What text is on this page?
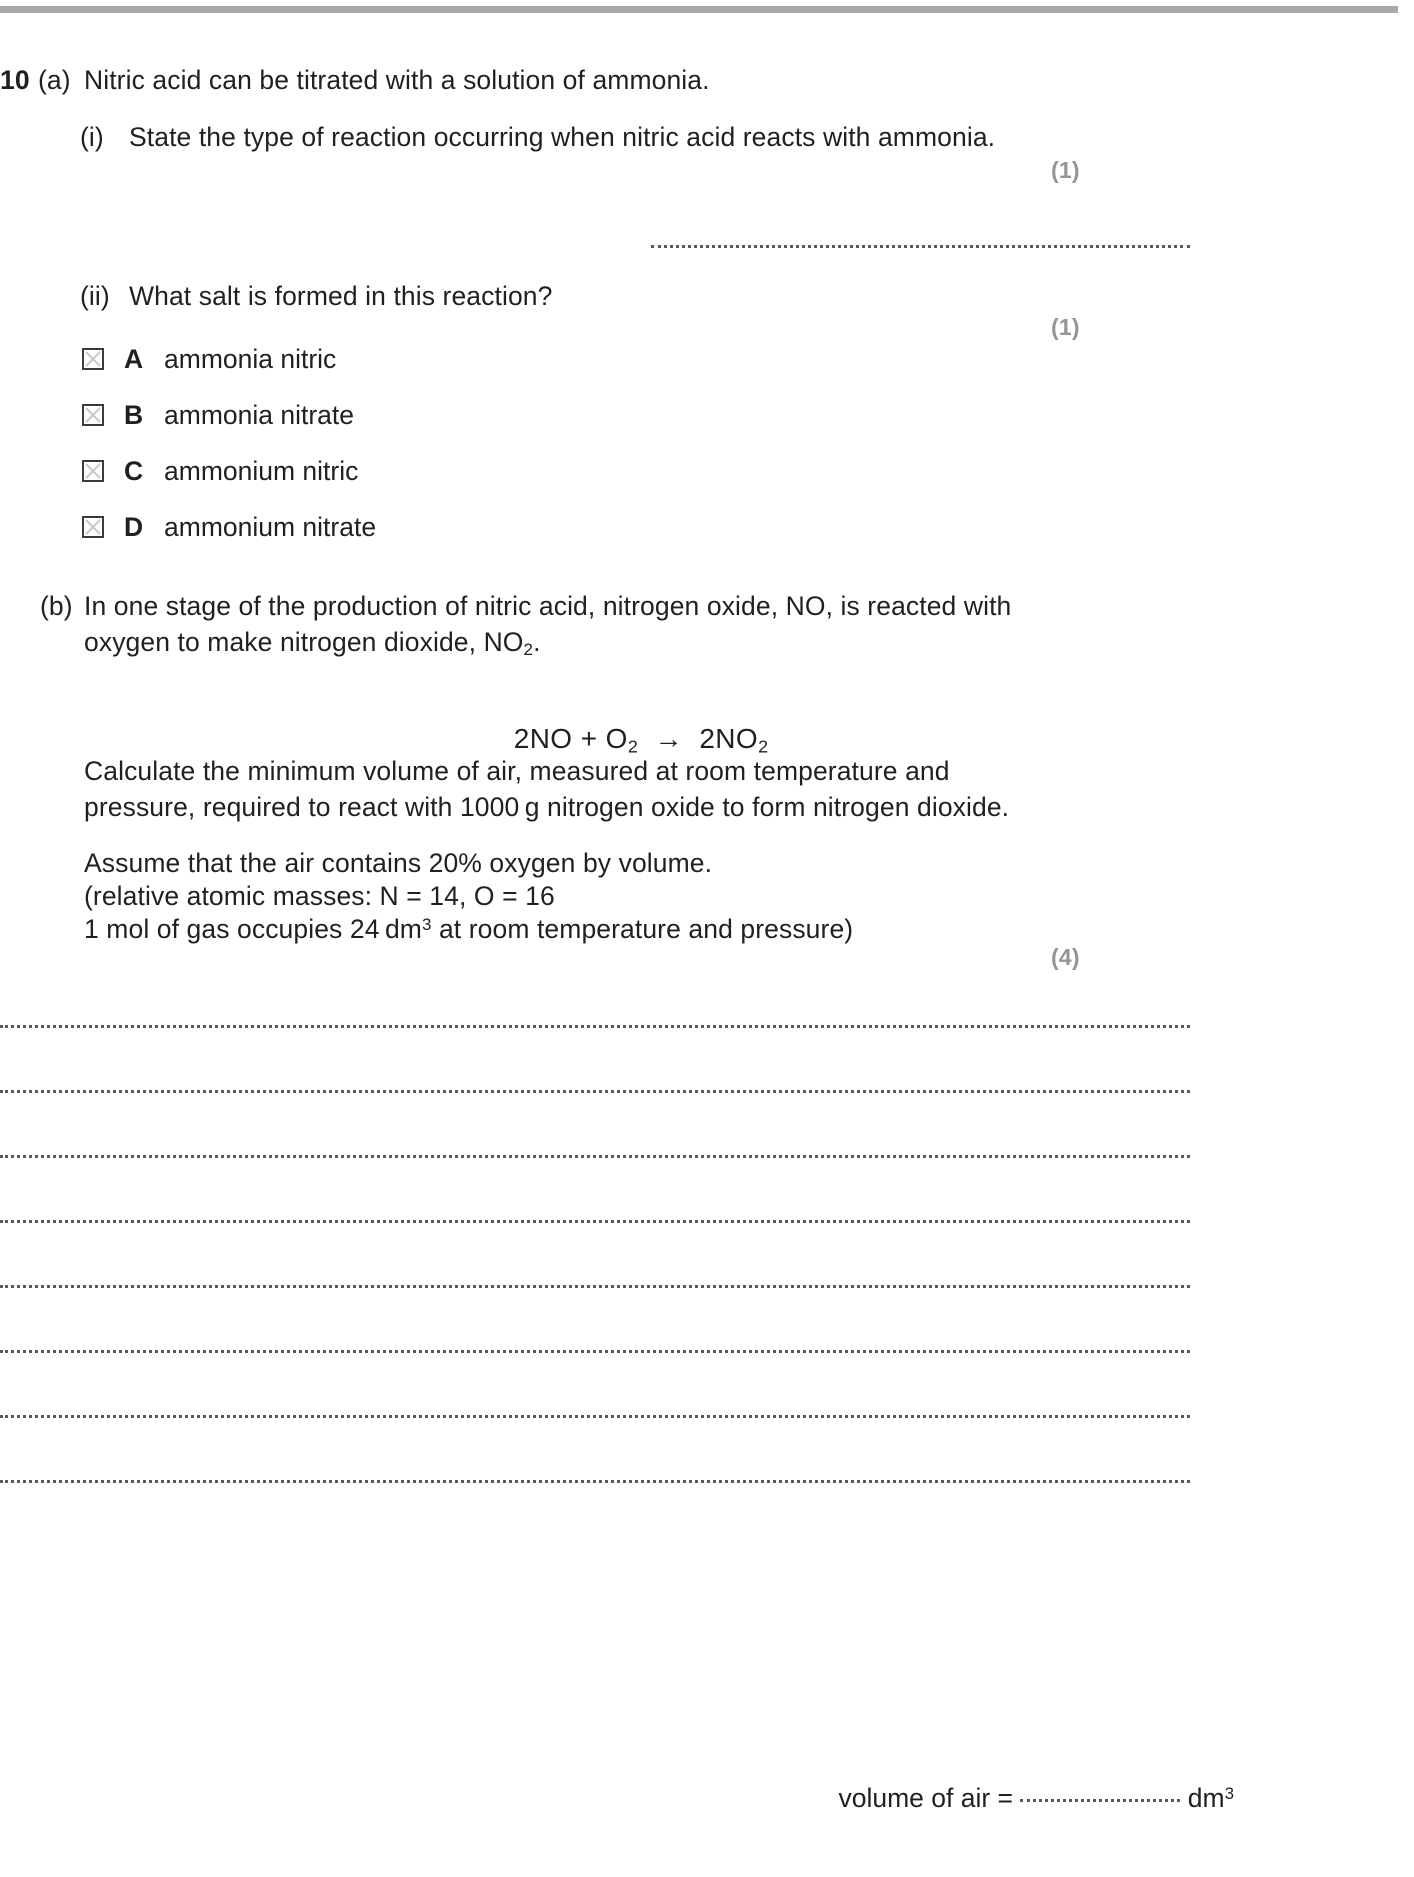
10 (a) Nitric acid can be titrated with a solution of ammonia.
(i) State the type of reaction occurring when nitric acid reacts with ammonia.
(1)
(ii) What salt is formed in this reaction?
(1)
A ammonia nitric
B ammonia nitrate
C ammonium nitric
D ammonium nitrate
(b) In one stage of the production of nitric acid, nitrogen oxide, NO, is reacted with
oxygen to make nitrogen dioxide, $NO_2$.

$2NO + O_2 \to 2NO_2$

Calculate the minimum volume of air, measured at room temperature and
pressure, required to react with 1000 g nitrogen oxide to form nitrogen dioxide.
Assume that the air contains 20% oxygen by volume.
(relative atomic masses: N = 14, O = 16
1 mol of gas occupies 24 $dm^3$ at room temperature and pressure)
(4)

volume of air =	$dm^3$
